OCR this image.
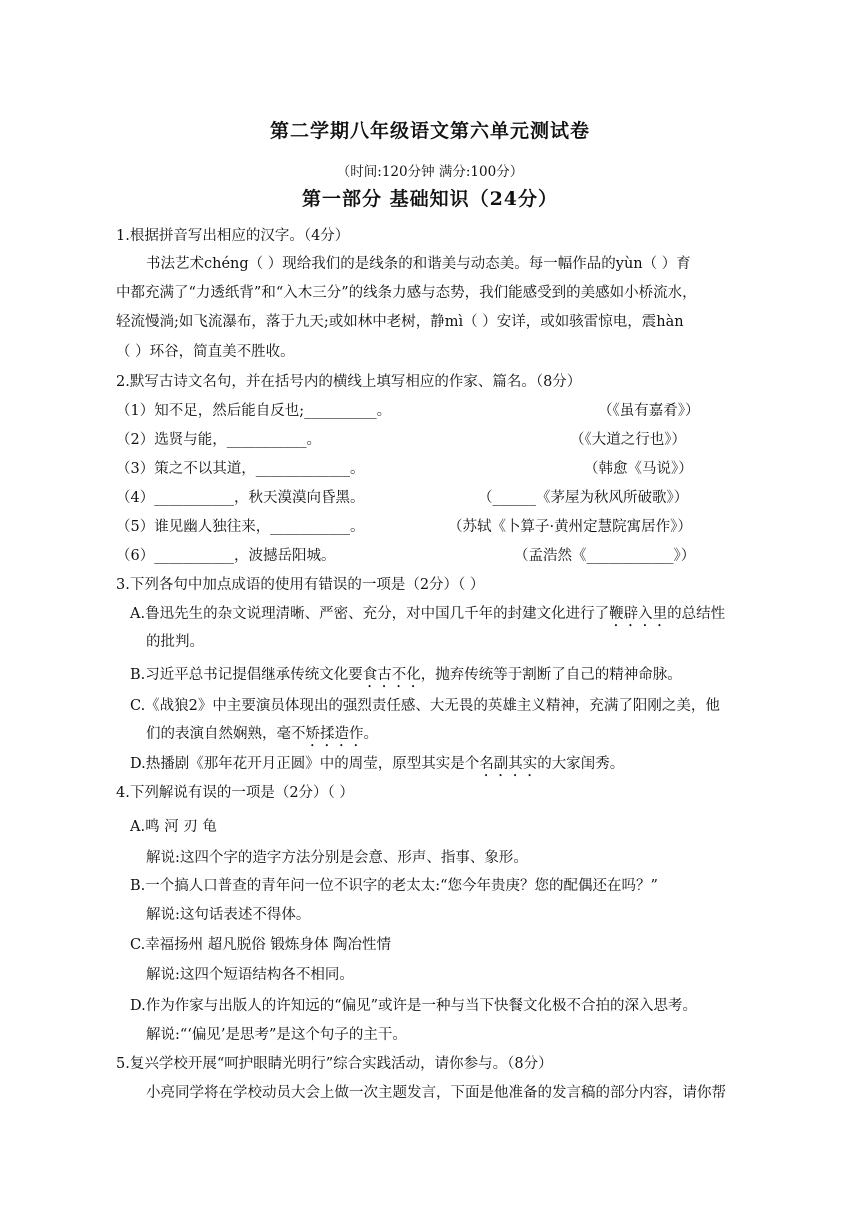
第二学期八年级语文第六单元测试卷
（时间:120分钟 满分:100分）
第一部分 基础知识（24分）
1.根据拼音写出相应的汉字。（4分）
书法艺术chéng（ ）现给我们的是线条的和谐美与动态美。每一幅作品的yùn（ ）育
中都充满了“力透纸背”和“入木三分”的线条力感与态势，我们能感受到的美感如小桥流水，
轻流慢淌;如飞流瀑布，落于九天;或如林中老树，静mì（ ）安详，或如骇雷惊电，震hàn
（ ）环谷，简直美不胜收。
2.默写古诗文名句，并在括号内的横线上填写相应的作家、篇名。（8分）
（1）知不足，然后能自反也;__________。	（《虽有嘉肴》）
（2）选贤与能，___________。	（《大道之行也》）
（3）策之不以其道，_____________。	（韩愈《马说》）
（4）___________，秋天漠漠向昏黑。	（______《茅屋为秋风所破歌》）
（5）谁见幽人独往来，___________。	（苏轼《卜算子·黄州定慧院寓居作》）
（6）___________，波撼岳阳城。	（孟浩然《____________》）
3.下列各句中加点成语的使用有错误的一项是（2分）（ ）
A.鲁迅先生的杂文说理清晰、严密、充分，对中国几千年的封建文化进行了鞭辟入里的总结性
的批判。
B.习近平总书记提倡继承传统文化要食古不化，抛弃传统等于割断了自己的精神命脉。
C.《战狼2》中主要演员体现出的强烈责任感、大无畏的英雄主义精神，充满了阳刚之美，他
们的表演自然娴熟，毫不矫揉造作。
D.热播剧《那年花开月正圆》中的周莹，原型其实是个名副其实的大家闺秀。
4.下列解说有误的一项是（2分）（ ）
A.鸣 河 刃 龟
解说:这四个字的造字方法分别是会意、形声、指事、象形。
B.一个搞人口普查的青年问一位不识字的老太太:“您今年贵庚？您的配偶还在吗？”
解说:这句话表述不得体。
C.幸福扬州 超凡脱俗 锻炼身体 陶冶性情
解说:这四个短语结构各不相同。
D.作为作家与出版人的许知远的“偏见”或许是一种与当下快餐文化极不合拍的深入思考。
解说:“‘偏见’是思考”是这个句子的主干。
5.复兴学校开展“呵护眼睛光明行”综合实践活动，请你参与。（8分）
小亮同学将在学校动员大会上做一次主题发言，下面是他准备的发言稿的部分内容，请你帮
